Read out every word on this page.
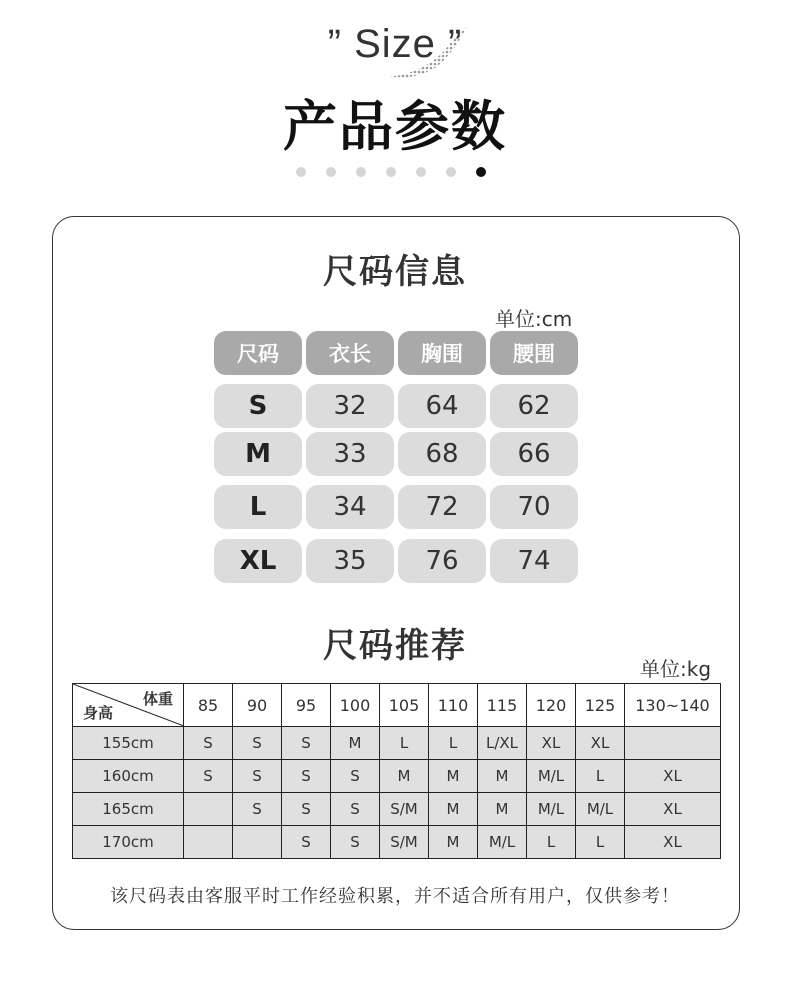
” Size ”
产品参数
尺码信息
单位:cm
尺码	衣长	胸围	腰围
S	32	64	62
M	33	68	66
L	34	72	70
XL	35	76	74
尺码推荐
单位:kg
体重
身高	85	90	95	100	105	110	115	120	125	130~140
155cm	S	S	S	M	L	L	L/XL	XL	XL	
160cm	S	S	S	S	M	M	M	M/L	L	XL
165cm		S	S	S	S/M	M	M	M/L	M/L	XL
170cm			S	S	S/M	M	M/L	L	L	XL
该尺码表由客服平时工作经验积累，并不适合所有用户，仅供参考！
